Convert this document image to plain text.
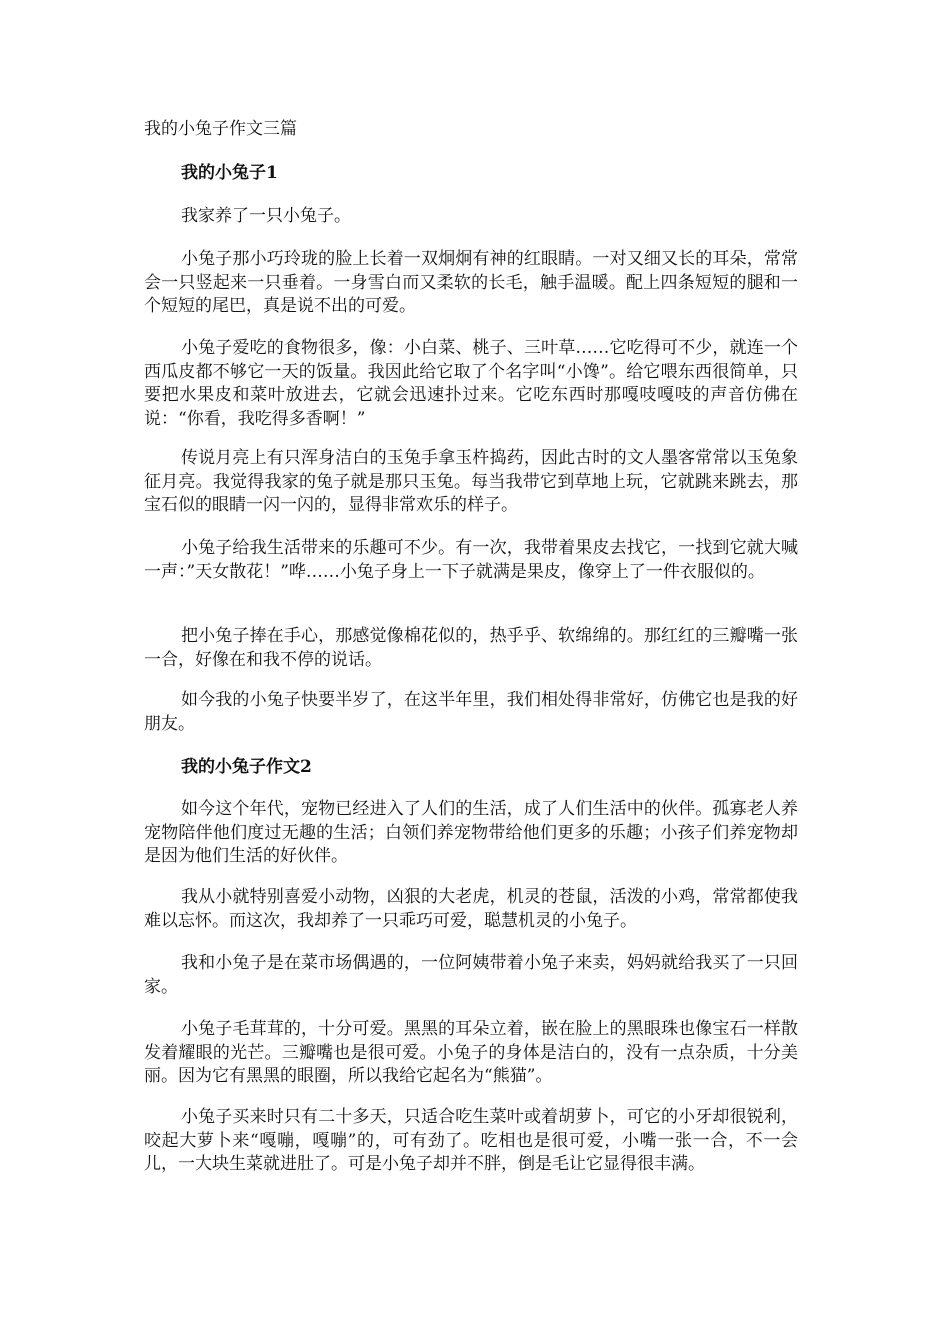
我的小兔子作文三篇
我的小兔子1

我家养了一只小兔子。

小兔子那小巧玲珑的脸上长着一双炯炯有神的红眼睛。一对又细又长的耳朵，常常会一只竖起来一只垂着。一身雪白而又柔软的长毛，触手温暖。配上四条短短的腿和一个短短的尾巴，真是说不出的可爱。

小兔子爱吃的食物很多，像：小白菜、桃子、三叶草……它吃得可不少，就连一个西瓜皮都不够它一天的饭量。我因此给它取了个名字叫“小馋”。给它喂东西很简单，只要把水果皮和菜叶放进去，它就会迅速扑过来。它吃东西时那嘎吱嘎吱的声音仿佛在说：“你看，我吃得多香啊！”

传说月亮上有只浑身洁白的玉兔手拿玉杵捣药，因此古时的文人墨客常常以玉兔象征月亮。我觉得我家的兔子就是那只玉兔。每当我带它到草地上玩，它就跳来跳去，那宝石似的眼睛一闪一闪的，显得非常欢乐的样子。

小兔子给我生活带来的乐趣可不少。有一次，我带着果皮去找它，一找到它就大喊一声：”天女散花！”哗……小兔子身上一下子就满是果皮，像穿上了一件衣服似的。

把小兔子捧在手心，那感觉像棉花似的，热乎乎、软绵绵的。那红红的三瓣嘴一张一合，好像在和我不停的说话。

如今我的小兔子快要半岁了，在这半年里，我们相处得非常好，仿佛它也是我的好朋友。

我的小兔子作文2

如今这个年代，宠物已经进入了人们的生活，成了人们生活中的伙伴。孤寡老人养宠物陪伴他们度过无趣的生活；白领们养宠物带给他们更多的乐趣；小孩子们养宠物却是因为他们生活的好伙伴。

我从小就特别喜爱小动物，凶狠的大老虎，机灵的苍鼠，活泼的小鸡，常常都使我难以忘怀。而这次，我却养了一只乖巧可爱，聪慧机灵的小兔子。

我和小兔子是在菜市场偶遇的，一位阿姨带着小兔子来卖，妈妈就给我买了一只回家。

小兔子毛茸茸的，十分可爱。黑黑的耳朵立着，嵌在脸上的黑眼珠也像宝石一样散发着耀眼的光芒。三瓣嘴也是很可爱。小兔子的身体是洁白的，没有一点杂质，十分美丽。因为它有黑黑的眼圈，所以我给它起名为“熊猫”。

小兔子买来时只有二十多天，只适合吃生菜叶或着胡萝卜，可它的小牙却很锐利，咬起大萝卜来“嘎嘣，嘎嘣”的，可有劲了。吃相也是很可爱，小嘴一张一合，不一会儿，一大块生菜就进肚了。可是小兔子却并不胖，倒是毛让它显得很丰满。
